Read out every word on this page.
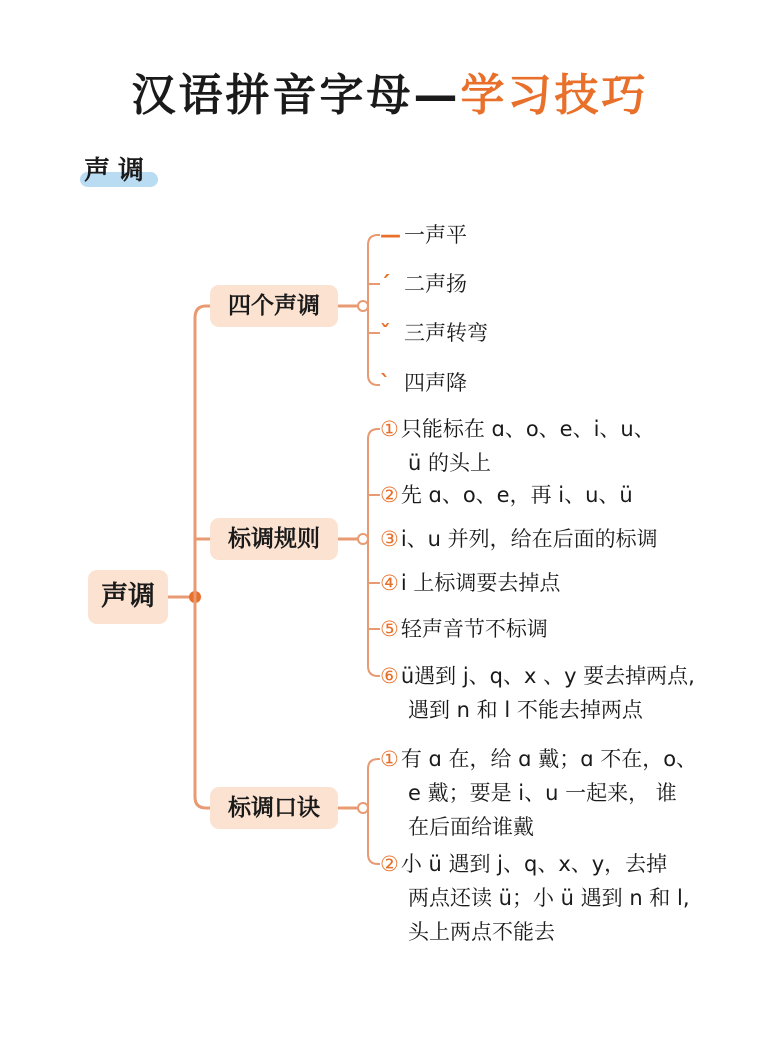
汉语拼音字母—学习技巧
声调
声调
四个声调
标调规则
标调口诀
— 一声平
ˊ 二声扬
ˇ 三声转弯
ˋ 四声降
①只能标在 ɑ、o、e、i、u、
ü 的头上
②先 ɑ、o、e，再 i、u、ü
③i、u 并列，给在后面的标调
④i 上标调要去掉点
⑤轻声音节不标调
⑥ü遇到 j、q、x 、y 要去掉两点,
遇到 n 和 l 不能去掉两点
①有 ɑ 在，给 ɑ 戴；ɑ 不在，o、
e 戴；要是 i、u 一起来， 谁
在后面给谁戴
②小 ü 遇到 j、q、x、y，去掉
两点还读 ü；小 ü 遇到 n 和 l,
头上两点不能去
